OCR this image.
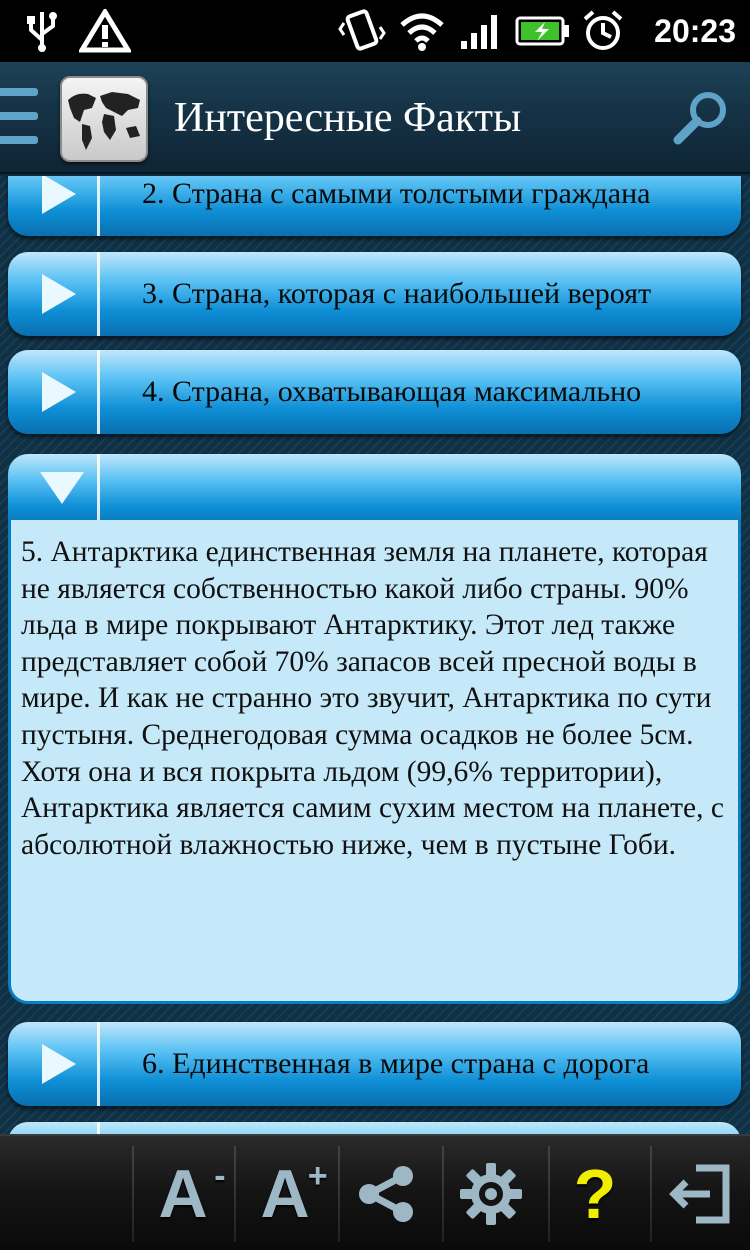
20:23
Интересные Факты
2. Страна с самыми толстыми граждана
3. Страна, которая с наибольшей вероят
4. Страна, охватывающая максимально
5. Антарктика единственная земля на планете, которая не является собственностью какой либо страны. 90% льда в мире покрывают Антарктику. Этот лед также представляет собой 70% запасов всей пресной воды в мире. И как не странно это звучит, Антарктика по сути пустыня. Среднегодовая сумма осадков не более 5см. Хотя она и вся покрыта льдом (99,6% территории), Антарктика является самим сухим местом на планете, с абсолютной влажностью ниже, чем в пустыне Гоби.
6. Единственная в мире страна с дорога
A - A
+	?
